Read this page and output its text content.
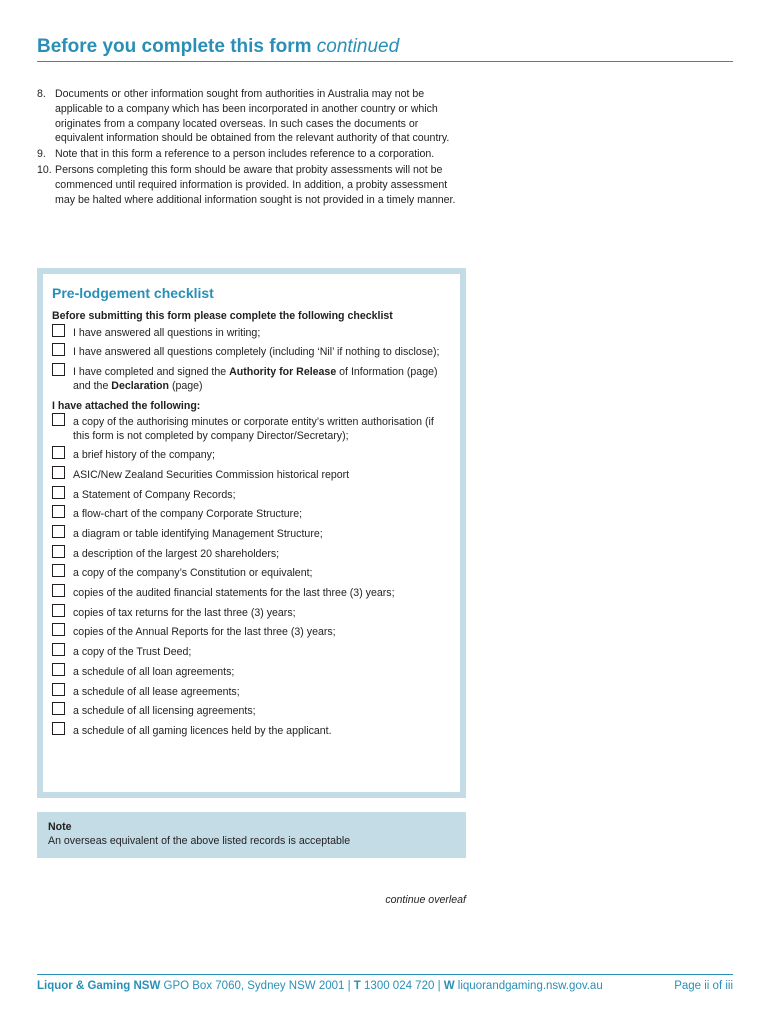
Before you complete this form continued
8. Documents or other information sought from authorities in Australia may not be applicable to a company which has been incorporated in another country or which originates from a company located overseas. In such cases the documents or equivalent information should be obtained from the relevant authority of that country.
9. Note that in this form a reference to a person includes reference to a corporation.
10. Persons completing this form should be aware that probity assessments will not be commenced until required information is provided. In addition, a probity assessment may be halted where additional information sought is not provided in a timely manner.
Pre-lodgement checklist
Before submitting this form please complete the following checklist
I have answered all questions in writing;
I have answered all questions completely (including ‘Nil’ if nothing to disclose);
I have completed and signed the Authority for Release of Information (page) and the Declaration (page)
I have attached the following:
a copy of the authorising minutes or corporate entity’s written authorisation (if this form is not completed by company Director/Secretary);
a brief history of the company;
ASIC/New Zealand Securities Commission historical report
a Statement of Company Records;
a flow-chart of the company Corporate Structure;
a diagram or table identifying Management Structure;
a description of the largest 20 shareholders;
a copy of the company’s Constitution or equivalent;
copies of the audited financial statements for the last three (3) years;
copies of tax returns for the last three (3) years;
copies of the Annual Reports for the last three (3) years;
a copy of the Trust Deed;
a schedule of all loan agreements;
a schedule of all lease agreements;
a schedule of all licensing agreements;
a schedule of all gaming licences held by the applicant.
Note
An overseas equivalent of the above listed records is acceptable
continue overleaf
Liquor & Gaming NSW GPO Box 7060, Sydney NSW 2001 | T 1300 024 720 | W liquorandgaming.nsw.gov.au	Page ii of iii
